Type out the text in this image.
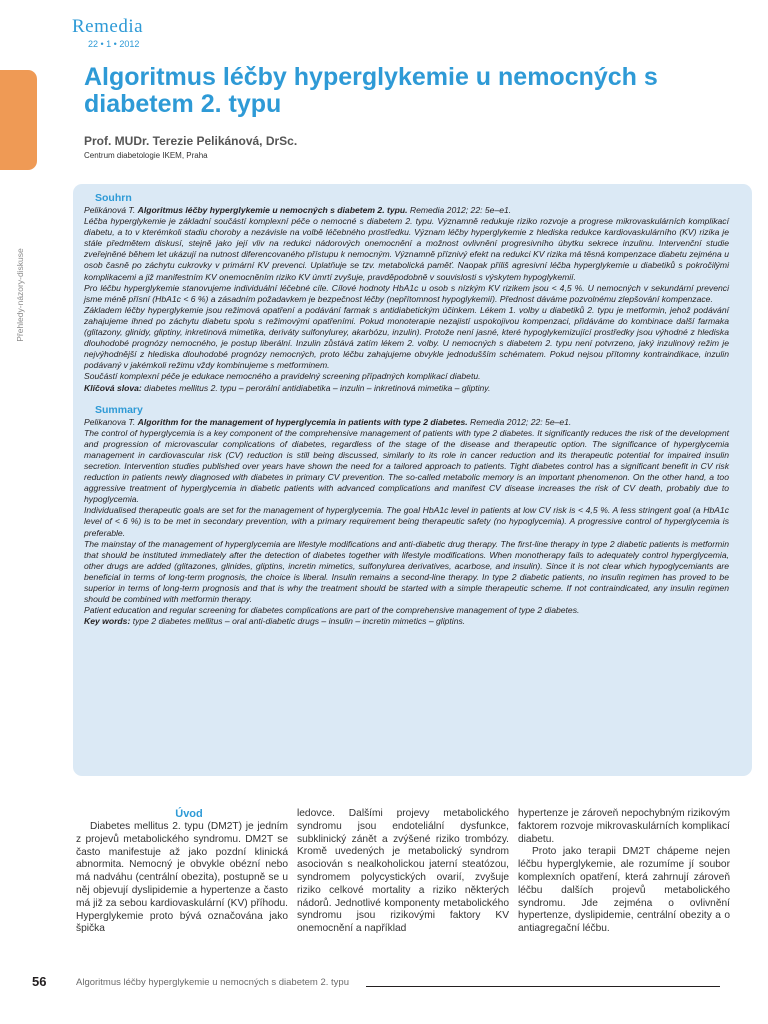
Remedia
22 • 1 • 2012
Přehledy-názory-diskuse
Algoritmus léčby hyperglykemie u nemocných s diabetem 2. typu
Prof. MUDr. Terezie Pelikánová, DrSc.
Centrum diabetologie IKEM, Praha
Souhrn

Pelikánová T. Algoritmus léčby hyperglykemie u nemocných s diabetem 2. typu. Remedia 2012; 22: 5e–e1.

Léčba hyperglykemie je základní součástí komplexní péče o nemocné s diabetem 2. typu. Významně redukuje riziko rozvoje a progrese mikrovaskulárních komplikací diabetu, a to v kterémkoli stadiu choroby a nezávisle na volbě léčebného prostředku. Význam léčby hyperglykemie z hlediska redukce kardiovaskulárního (KV) rizika je stále předmětem diskusí, stejně jako její vliv na redukci nádorových onemocnění a možnost ovlivnění progresivního úbytku sekrece inzulinu. Intervenční studie zveřejněné během let ukázují na nutnost diferencovaného přístupu k nemocným. Významně příznivý efekt na redukci KV rizika má těsná kompenzace diabetu zejména u osob časně po záchytu cukrovky v primární KV prevenci. Uplatňuje se tzv. metabolická paměť. Naopak příliš agresivní léčba hyperglykemie u diabetiků s pokročilými komplikacemi a již manifestním KV onemocněním riziko KV úmrtí zvyšuje, pravděpodobně v souvislosti s výskytem hypoglykemií.

Pro léčbu hyperglykemie stanovujeme individuální léčebné cíle. Cílové hodnoty HbA1c u osob s nízkým KV rizikem jsou < 4,5 %. U nemocných v sekundární prevenci jsme méně přísní (HbA1c < 6 %) a zásadním požadavkem je bezpečnost léčby (nepřítomnost hypoglykemií). Přednost dáváme pozvolnému zlepšování kompenzace.

Základem léčby hyperglykemie jsou režimová opatření a podávání farmak s antidiabetickým účinkem. Lékem 1. volby u diabetiků 2. typu je metformin, jehož podávání zahajujeme ihned po záchytu diabetu spolu s režimovými opatřeními. Pokud monoterapie nezajistí uspokojivou kompenzaci, přidáváme do kombinace další farmaka (glitazony, glinidy, gliptiny, inkretinová mimetika, deriváty sulfonylurey, akarbózu, inzulin). Protože není jasné, které hypoglykemizující prostředky jsou výhodné z hlediska dlouhodobé prognózy nemocného, je postup liberální. Inzulin zůstává zatím lékem 2. volby. U nemocných s diabetem 2. typu není potvrzeno, jaký inzulinový režim je nejvýhodnější z hlediska dlouhodobé prognózy nemocných, proto léčbu zahajujeme obvykle jednodušším schématem. Pokud nejsou přítomny kontraindikace, inzulin podávaný v jakémkoli režimu vždy kombinujeme s metforminem.

Součástí komplexní péče je edukace nemocného a pravidelný screening případných komplikací diabetu.

Klíčová slova: diabetes mellitus 2. typu – perorální antidiabetika – inzulin – inkretinová mimetika – gliptiny.

Summary

Pelikanova T. Algorithm for the management of hyperglycemia in patients with type 2 diabetes. Remedia 2012; 22: 5e–e1.

The control of hyperglycemia is a key component of the comprehensive management of patients with type 2 diabetes. It significantly reduces the risk of the development and progression of microvascular complications of diabetes, regardless of the stage of the disease and therapeutic option. The significance of hyperglycemia management in cardiovascular risk (CV) reduction is still being discussed, similarly to its role in cancer reduction and its therapeutic potential for impaired insulin secretion. Intervention studies published over years have shown the need for a tailored approach to patients. Tight diabetes control has a significant benefit in CV risk reduction in patients newly diagnosed with diabetes in primary CV prevention. The so-called metabolic memory is an important phenomenon. On the other hand, a too aggressive treatment of hyperglycemia in diabetic patients with advanced complications and manifest CV disease increases the risk of CV death, probably due to hypoglycemia.

Individualised therapeutic goals are set for the management of hyperglycemia. The goal HbA1c level in patients at low CV risk is < 4,5 %. A less stringent goal (a HbA1c level of < 6 %) is to be met in secondary prevention, with a primary requirement being therapeutic safety (no hypoglycemia). A progressive control of hyperglycemia is preferable.

The mainstay of the management of hyperglycemia are lifestyle modifications and anti-diabetic drug therapy. The first-line therapy in type 2 diabetic patients is metformin that should be instituted immediately after the detection of diabetes together with lifestyle modifications. When monotherapy fails to adequately control hyperglycemia, other drugs are added (glitazones, glinides, gliptins, incretin mimetics, sulfonylurea derivatives, acarbose, and insulin). Since it is not clear which hypoglycemiants are beneficial in terms of long-term prognosis, the choice is liberal. Insulin remains a second-line therapy. In type 2 diabetic patients, no insulin regimen has proved to be superior in terms of long-term prognosis and that is why the treatment should be started with a simple therapeutic scheme. If not contraindicated, any insulin regimen should be combined with metformin therapy.

Patient education and regular screening for diabetes complications are part of the comprehensive management of type 2 diabetes.

Key words: type 2 diabetes mellitus – oral anti-diabetic drugs – insulin – incretin mimetics – gliptins.

Úvod

Diabetes mellitus 2. typu (DM2T) je jedním z projevů metabolického syndromu. DM2T se často manifestuje až jako pozdní klinická abnormita. Nemocný je obvykle obézní nebo má nadváhu (centrální obezita), postupně se u něj objevují dyslipidemie a hypertenze a často má již za sebou kardiovaskulární (KV) příhodu. Hyperglykemie proto bývá označována jako špička

ledovce. Dalšími projevy metabolického syndromu jsou endoteliální dysfunkce, subklinický zánět a zvýšené riziko trombózy. Kromě uvedených je metabolický syndrom asociován s nealkoholickou jaterní steatózou, syndromem polycystických ovarií, zvyšuje riziko celkové mortality a riziko některých nádorů. Jednotlivé komponenty metabolického syndromu jsou rizikovými faktory KV onemocnění a například

hypertenze je zároveň nepochybným rizikovým faktorem rozvoje mikrovaskulárních komplikací diabetu.

Proto jako terapii DM2T chápeme nejen léčbu hyperglykemie, ale rozumíme jí soubor komplexních opatření, která zahrnují zároveň léčbu dalších projevů metabolického syndromu. Jde zejména o ovlivnění hypertenze, dyslipidemie, centrální obezity a o antiagregační léčbu.

56	Algoritmus léčby hyperglykemie u nemocných s diabetem 2. typu
